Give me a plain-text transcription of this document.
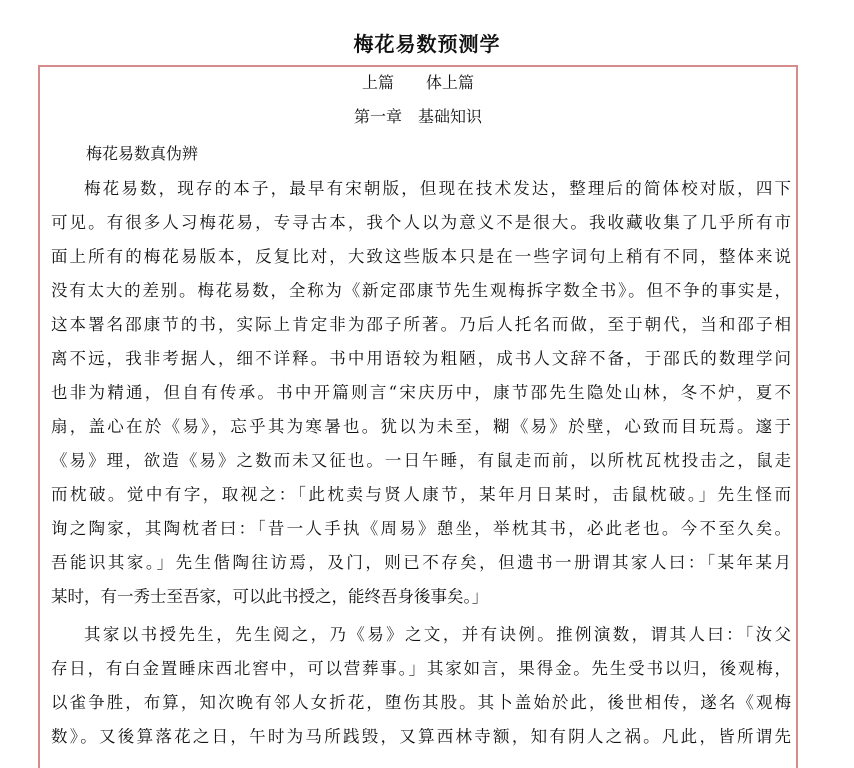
梅花易数预测学
上篇　　体上篇
第一章　基础知识
梅花易数真伪辨
梅花易数，现存的本子，最早有宋朝版，但现在技术发达，整理后的简体校对版，四下
可见。有很多人习梅花易，专寻古本，我个人以为意义不是很大。我收藏收集了几乎所有市
面上所有的梅花易版本，反复比对，大致这些版本只是在一些字词句上稍有不同，整体来说
没有太大的差别。梅花易数，全称为《新定邵康节先生观梅拆字数全书》。但不争的事实是，
这本署名邵康节的书，实际上肯定非为邵子所著。乃后人托名而做，至于朝代，当和邵子相
离不远，我非考据人，细不详释。书中用语较为粗陋，成书人文辞不备，于邵氏的数理学问
也非为精通，但自有传承。书中开篇则言“宋庆历中，康节邵先生隐处山林，冬不炉，夏不
扇，盖心在於《易》，忘乎其为寒暑也。犹以为未至，糊《易》於壁，心致而目玩焉。邃于
《易》理，欲造《易》之数而未又征也。一日午睡，有鼠走而前，以所枕瓦枕投击之，鼠走
而枕破。觉中有字，取视之：「此枕卖与贤人康节，某年月日某时，击鼠枕破。」先生怪而
询之陶家，其陶枕者曰：「昔一人手执《周易》憩坐，举枕其书，必此老也。今不至久矣。
吾能识其家。」先生偕陶往访焉，及门，则已不存矣，但遗书一册谓其家人曰：「某年某月
某时，有一秀士至吾家，可以此书授之，能终吾身後事矣。」
其家以书授先生，先生阅之，乃《易》之文，并有诀例。推例演数，谓其人曰：「汝父
存日，有白金置睡床西北窖中，可以营葬事。」其家如言，果得金。先生受书以归，後观梅，
以雀争胜，布算，知次晚有邻人女折花，堕伤其股。其卜盖始於此，後世相传，遂名《观梅
数》。又後算落花之日，午时为马所践毁，又算西林寺额，知有阴人之祸。凡此，皆所谓先
